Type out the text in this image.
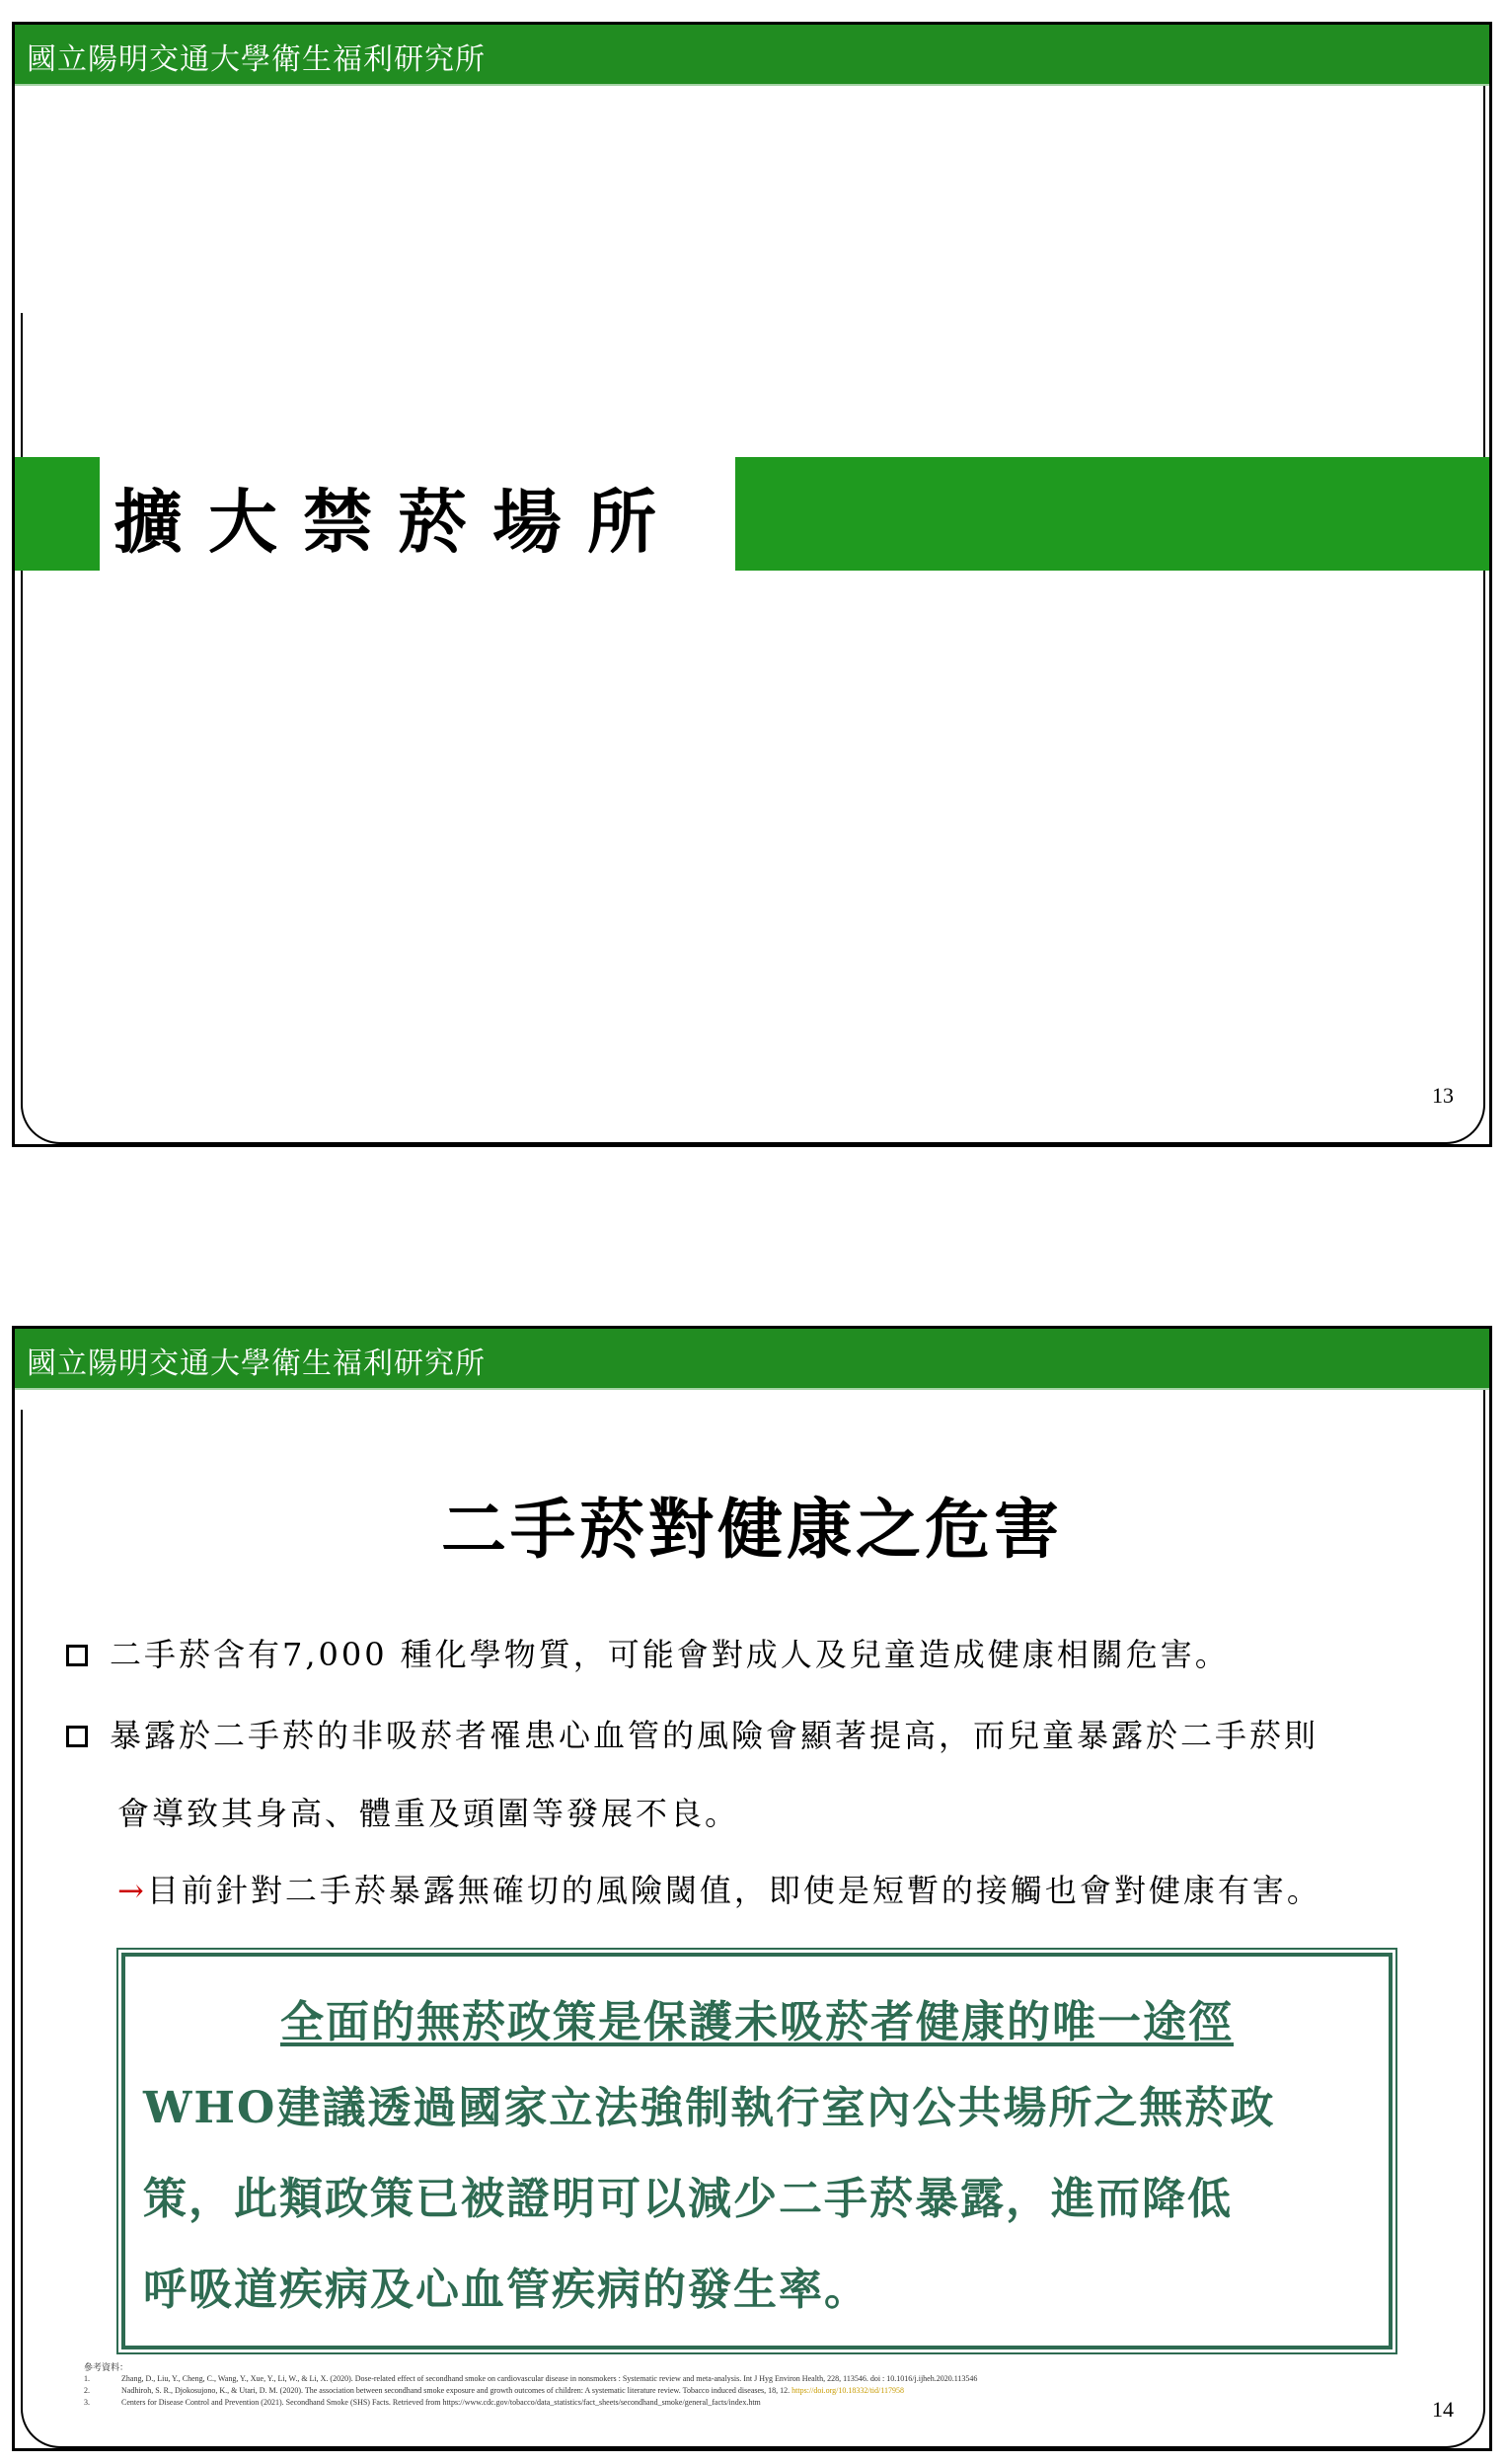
國立陽明交通大學衛生福利研究所
擴大禁菸場所
13
國立陽明交通大學衛生福利研究所
二手菸對健康之危害
二手菸含有7,000 種化學物質，可能會對成人及兒童造成健康相關危害。
暴露於二手菸的非吸菸者罹患心血管的風險會顯著提高，而兒童暴露於二手菸則
會導致其身高、體重及頭圍等發展不良。
→目前針對二手菸暴露無確切的風險閾值，即使是短暫的接觸也會對健康有害。
全面的無菸政策是保護未吸菸者健康的唯一途徑
WHO建議透過國家立法強制執行室內公共場所之無菸政
策，此類政策已被證明可以減少二手菸暴露，進而降低
呼吸道疾病及心血管疾病的發生率。
參考資料：
1.	Zhang, D., Liu, Y., Cheng, C., Wang, Y., Xue, Y., Li, W., & Li, X. (2020). Dose-related effect of secondhand smoke on cardiovascular disease in nonsmokers : Systematic review and meta-analysis. Int J Hyg Environ Health, 228, 113546. doi : 10.1016/j.ijheh.2020.113546
2.	Nadhiroh, S. R., Djokosujono, K., & Utari, D. M. (2020). The association between secondhand smoke exposure and growth outcomes of children: A systematic literature review. Tobacco induced diseases, 18, 12. https://doi.org/10.18332/tid/117958
3.	Centers for Disease Control and Prevention (2021). Secondhand Smoke (SHS) Facts. Retrieved from https://www.cdc.gov/tobacco/data_statistics/fact_sheets/secondhand_smoke/general_facts/index.htm	14
